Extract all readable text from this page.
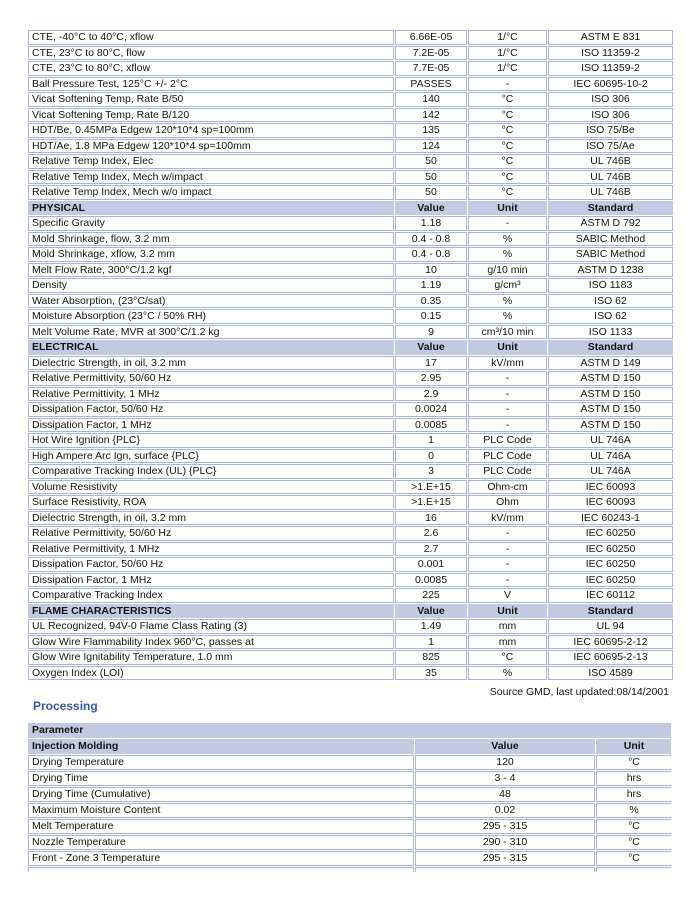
CTE, -40°C to 40°C, xflow	6.66E-05	1/°C	ASTM E 831
CTE, 23°C to 80°C, flow	7.2E-05	1/°C	ISO 11359-2
CTE, 23°C to 80°C, xflow	7.7E-05	1/°C	ISO 11359-2
Ball Pressure Test, 125°C +/- 2°C	PASSES	-	IEC 60695-10-2
Vicat Softening Temp, Rate B/50	140	°C	ISO 306
Vicat Softening Temp, Rate B/120	142	°C	ISO 306
HDT/Be, 0.45MPa Edgew 120*10*4 sp=100mm	135	°C	ISO 75/Be
HDT/Ae, 1.8 MPa Edgew 120*10*4 sp=100mm	124	°C	ISO 75/Ae
Relative Temp Index, Elec	50	°C	UL 746B
Relative Temp Index, Mech w/impact	50	°C	UL 746B
Relative Temp Index, Mech w/o impact	50	°C	UL 746B
PHYSICAL	Value	Unit	Standard
Specific Gravity	1.18	-	ASTM D 792
Mold Shrinkage, flow, 3.2 mm	0.4 - 0.8	%	SABIC Method
Mold Shrinkage, xflow, 3.2 mm	0.4 - 0.8	%	SABIC Method
Melt Flow Rate, 300°C/1.2 kgf	10	g/10 min	ASTM D 1238
Density	1.19	g/cm³	ISO 1183
Water Absorption, (23°C/sat)	0.35	%	ISO 62
Moisture Absorption (23°C / 50% RH)	0.15	%	ISO 62
Melt Volume Rate, MVR at 300°C/1.2 kg	9	cm³/10 min	ISO 1133
ELECTRICAL	Value	Unit	Standard
Dielectric Strength, in oil, 3.2 mm	17	kV/mm	ASTM D 149
Relative Permittivity, 50/60 Hz	2.95	-	ASTM D 150
Relative Permittivity, 1 MHz	2.9	-	ASTM D 150
Dissipation Factor, 50/60 Hz	0.0024	-	ASTM D 150
Dissipation Factor, 1 MHz	0.0085	-	ASTM D 150
Hot Wire Ignition {PLC}	1	PLC Code	UL 746A
High Ampere Arc Ign, surface {PLC}	0	PLC Code	UL 746A
Comparative Tracking Index (UL) {PLC}	3	PLC Code	UL 746A
Volume Resistivity	>1.E+15	Ohm-cm	IEC 60093
Surface Resistivity, ROA	>1.E+15	Ohm	IEC 60093
Dielectric Strength, in oil, 3.2 mm	16	kV/mm	IEC 60243-1
Relative Permittivity, 50/60 Hz	2.6	-	IEC 60250
Relative Permittivity, 1 MHz	2.7	-	IEC 60250
Dissipation Factor, 50/60 Hz	0.001	-	IEC 60250
Dissipation Factor, 1 MHz	0.0085	-	IEC 60250
Comparative Tracking Index	225	V	IEC 60112
FLAME CHARACTERISTICS	Value	Unit	Standard
UL Recognized, 94V-0 Flame Class Rating (3)	1.49	mm	UL 94
Glow Wire Flammability Index 960°C, passes at	1	mm	IEC 60695-2-12
Glow Wire Ignitability Temperature, 1.0 mm	825	°C	IEC 60695-2-13
Oxygen Index (LOI)	35	%	ISO 4589
Source GMD, last updated:08/14/2001
Processing
Parameter		
Injection Molding	Value	Unit
Drying Temperature	120	°C
Drying Time	3 - 4	hrs
Drying Time (Cumulative)	48	hrs
Maximum Moisture Content	0.02	%
Melt Temperature	295 - 315	°C
Nozzle Temperature	290 - 310	°C
Front - Zone 3 Temperature	295 - 315	°C
